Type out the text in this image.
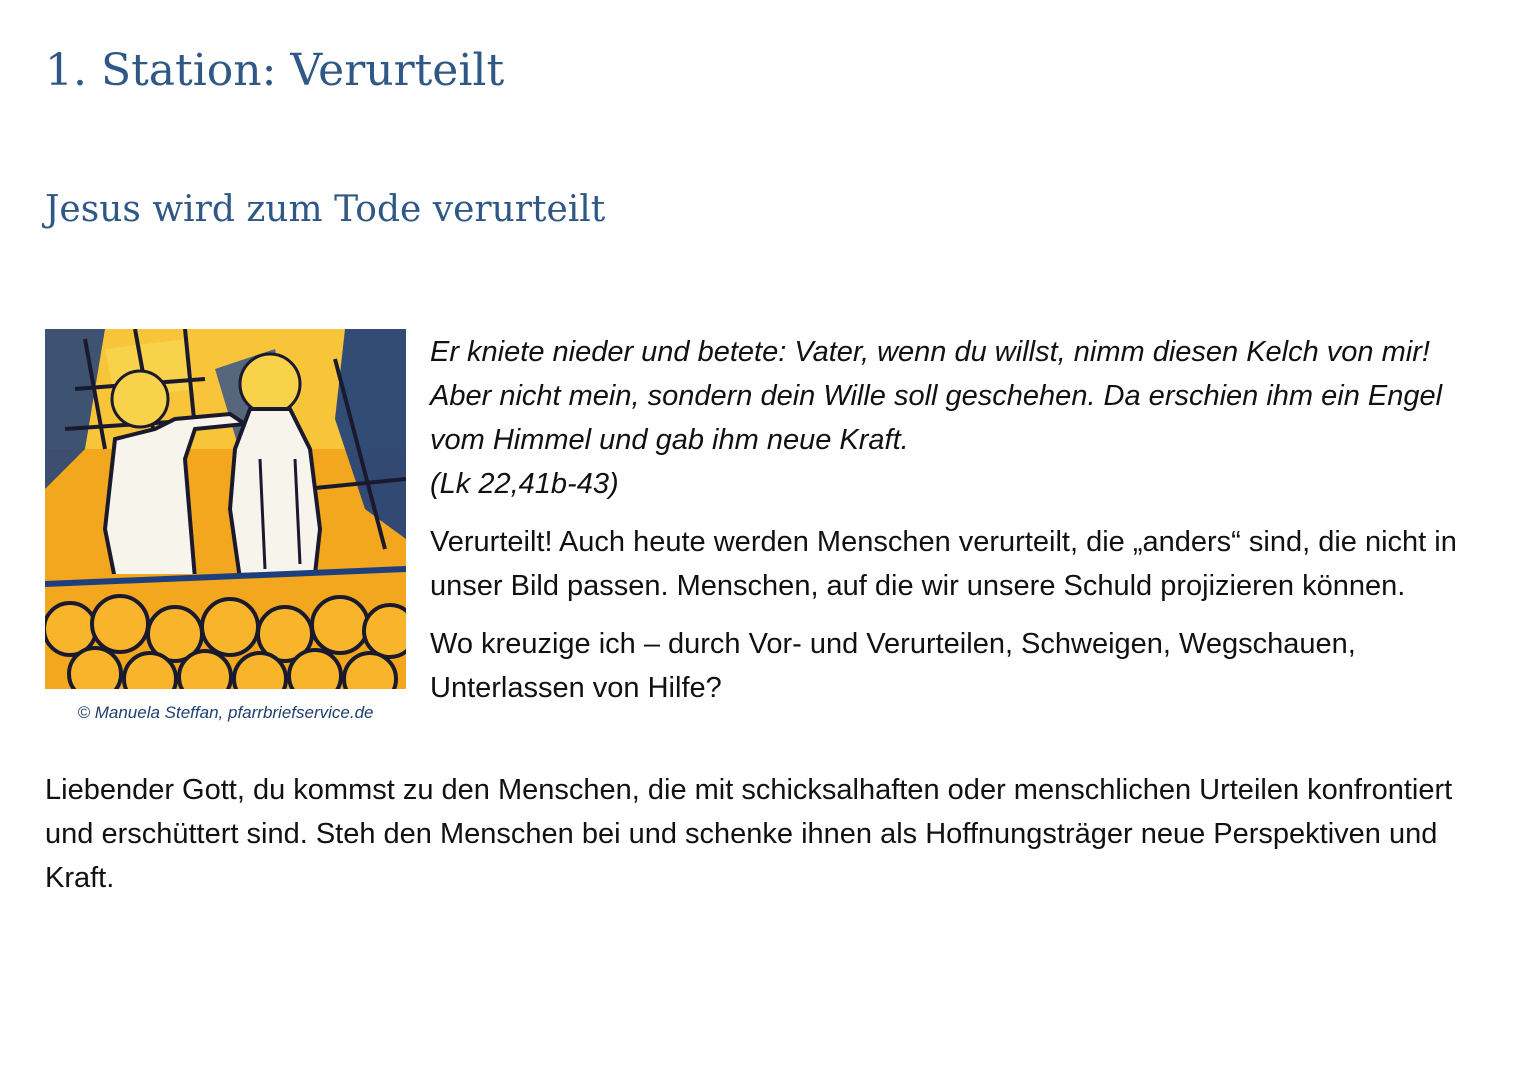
1. Station: Verurteilt
Jesus wird zum Tode verurteilt
© Manuela Steffan, pfarrbriefservice.de

Er kniete nieder und betete: Vater, wenn du willst, nimm diesen Kelch von mir! Aber nicht mein, sondern dein Wille soll geschehen. Da erschien ihm ein Engel vom Himmel und gab ihm neue Kraft.
(Lk 22,41b-43)

Verurteilt! Auch heute werden Menschen verurteilt, die „anders“ sind, die nicht in unser Bild passen. Menschen, auf die wir unsere Schuld projizieren können.

Wo kreuzige ich – durch Vor- und Verurteilen, Schweigen, Wegschauen, Unterlassen von Hilfe?

Liebender Gott, du kommst zu den Menschen, die mit schicksalhaften oder menschlichen Urteilen konfrontiert und erschüttert sind. Steh den Menschen bei und schenke ihnen als Hoffnungsträger neue Perspektiven und Kraft.
